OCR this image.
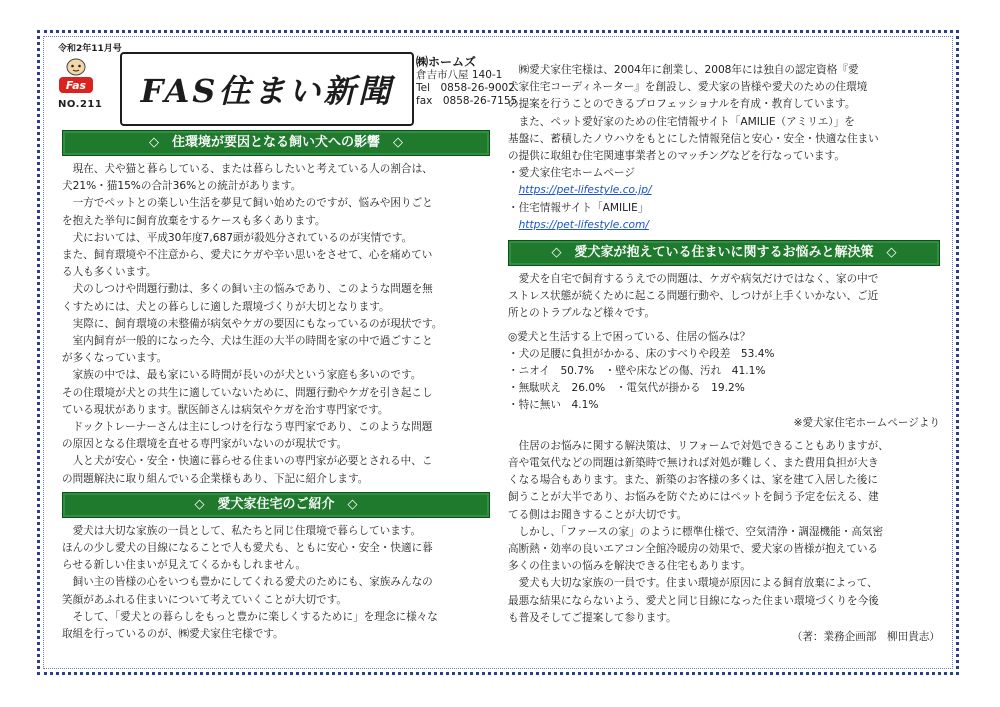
令和2年11月号
Fas
NO.211 FAS住まい新聞
㈱ホームズ
倉吉市八屋 140-1
Tel　0858-26-9002
fax　0858-26-7155
◇　住環境が要因となる飼い犬への影響　◇

現在、犬や猫と暮らしている、または暮らしたいと考えている人の割合は、

犬21%・猫15%の合計36%との統計があります。

一方でペットとの楽しい生活を夢見て飼い始めたのですが、悩みや困りごと

を抱えた挙句に飼育放棄をするケースも多くあります。

犬においては、平成30年度7,687頭が殺処分されているのが実情です。

また、飼育環境や不注意から、愛犬にケガや辛い思いをさせて、心を痛めてい

る人も多くいます。

犬のしつけや問題行動は、多くの飼い主の悩みであり、このような問題を無

くすためには、犬との暮らしに適した環境づくりが大切となります。

実際に、飼育環境の未整備が病気やケガの要因にもなっているのが現状です。

室内飼育が一般的になった今、犬は生涯の大半の時間を家の中で過ごすこと

が多くなっています。

家族の中では、最も家にいる時間が長いのが犬という家庭も多いのです。

その住環境が犬との共生に適していないために、問題行動やケガを引き起こし

ている現状があります。獣医師さんは病気やケガを治す専門家です。

ドックトレーナーさんは主にしつけを行なう専門家であり、このような問題

の原因となる住環境を直せる専門家がいないのが現状です。

人と犬が安心・安全・快適に暮らせる住まいの専門家が必要とされる中、こ

の問題解決に取り組んでいる企業様もあり、下記に紹介します。

◇　愛犬家住宅のご紹介　◇

愛犬は大切な家族の一員として、私たちと同じ住環境で暮らしています。

ほんの少し愛犬の目線になることで人も愛犬も、ともに安心・安全・快適に暮

らせる新しい住まいが見えてくるかもしれません。

飼い主の皆様の心をいつも豊かにしてくれる愛犬のためにも、家族みんなの

笑顔があふれる住まいについて考えていくことが大切です。

そして、「愛犬との暮らしをもっと豊かに楽しくするために」を理念に様々な

取組を行っているのが、㈱愛犬家住宅様です。

㈱愛犬家住宅様は、2004年に創業し、2008年には独自の認定資格『愛

犬家住宅コーディネーター』を創設し、愛犬家の皆様や愛犬のための住環境

の提案を行うことのできるプロフェッショナルを育成・教育しています。

また、ペット愛好家のための住宅情報サイト「AMILIE（アミリエ）」を

基盤に、蓄積したノウハウをもとにした情報発信と安心・安全・快適な住まい

の提供に取組む住宅関連事業者とのマッチングなどを行なっています。

・愛犬家住宅ホームページ

https://pet-lifestyle.co.jp/

・住宅情報サイト「AMILIE」

https://pet-lifestyle.com/

◇　愛犬家が抱えている住まいに関するお悩みと解決策　◇

愛犬を自宅で飼育するうえでの問題は、ケガや病気だけではなく、家の中で

ストレス状態が続くために起こる問題行動や、しつけが上手くいかない、ご近

所とのトラブルなど様々です。

◎愛犬と生活する上で困っている、住居の悩みは？

・犬の足腰に負担がかかる、床のすべりや段差　53.4%

・ニオイ　50.7%　・壁や床などの傷、汚れ　41.1%

・無駄吠え　26.0%　・電気代が掛かる　19.2%

・特に無い　4.1%

※愛犬家住宅ホームページより

住居のお悩みに関する解決策は、リフォームで対処できることもありますが、

音や電気代などの問題は新築時で無ければ対処が難しく、また費用負担が大き

くなる場合もあります。また、新築のお客様の多くは、家を建て入居した後に

飼うことが大半であり、お悩みを防ぐためにはペットを飼う予定を伝える、建

てる側はお聞きすることが大切です。

しかし、「ファースの家」のように標準仕様で、空気清浄・調湿機能・高気密

高断熱・効率の良いエアコン全館冷暖房の効果で、愛犬家の皆様が抱えている

多くの住まいの悩みを解決できる住宅もあります。

愛犬も大切な家族の一員です。住まい環境が原因による飼育放棄によって、

最悪な結果にならないよう、愛犬と同じ目線になった住まい環境づくりを今後

も普及そしてご提案して参ります。

（著：業務企画部　柳田貴志）
